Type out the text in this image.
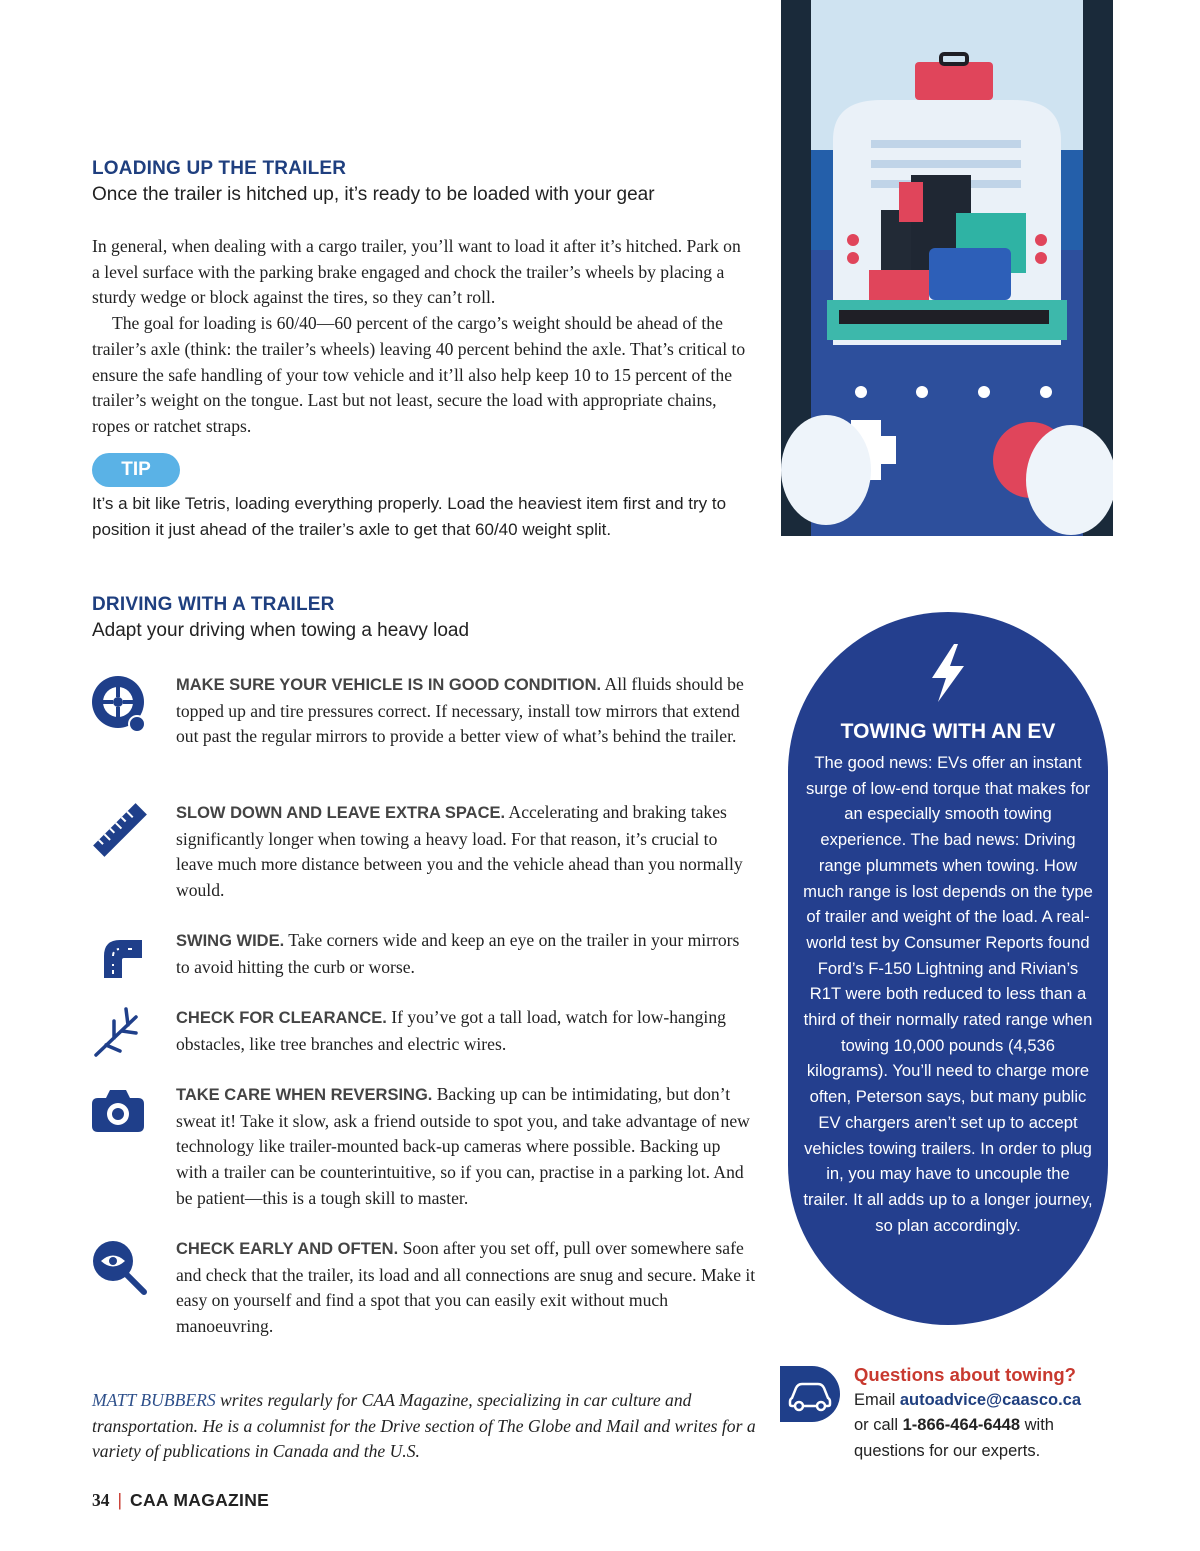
LOADING UP THE TRAILER
Once the trailer is hitched up, it’s ready to be loaded with your gear

In general, when dealing with a cargo trailer, you’ll want to load it after it’s hitched. Park on a level surface with the parking brake engaged and chock the trailer’s wheels by placing a sturdy wedge or block against the tires, so they can’t roll.

The goal for loading is 60/40—60 percent of the cargo’s weight should be ahead of the trailer’s axle (think: the trailer’s wheels) leaving 40 percent behind the axle. That’s critical to ensure the safe handling of your tow vehicle and it’ll also help keep 10 to 15 percent of the trailer’s weight on the tongue. Last but not least, secure the load with appropriate chains, ropes or ratchet straps.

TIP
It’s a bit like Tetris, loading everything properly. Load the heaviest item first and try to position it just ahead of the trailer’s axle to get that 60/40 weight split.
DRIVING WITH A TRAILER
Adapt your driving when towing a heavy load
MAKE SURE YOUR VEHICLE IS IN GOOD CONDITION. All fluids should be topped up and tire pressures correct. If necessary, install tow mirrors that extend out past the regular mirrors to provide a better view of what’s behind the trailer.
SLOW DOWN AND LEAVE EXTRA SPACE. Accelerating and braking takes significantly longer when towing a heavy load. For that reason, it’s crucial to leave much more distance between you and the vehicle ahead than you normally would.
SWING WIDE. Take corners wide and keep an eye on the trailer in your mirrors to avoid hitting the curb or worse.
CHECK FOR CLEARANCE. If you’ve got a tall load, watch for low-hanging obstacles, like tree branches and electric wires.
TAKE CARE WHEN REVERSING. Backing up can be intimidating, but don’t sweat it! Take it slow, ask a friend outside to spot you, and take advantage of new technology like trailer-mounted back-up cameras where possible. Backing up with a trailer can be counterintuitive, so if you can, practise in a parking lot. And be patient—this is a tough skill to master.
CHECK EARLY AND OFTEN. Soon after you set off, pull over somewhere safe and check that the trailer, its load and all connections are snug and secure. Make it easy on yourself and find a spot that you can easily exit without much manoeuvring.
TOWING WITH AN EV
The good news: EVs offer an instant surge of low-end torque that makes for an especially smooth towing experience. The bad news: Driving range plummets when towing. How much range is lost depends on the type of trailer and weight of the load. A real-world test by Consumer Reports found Ford’s F-150 Lightning and Rivian’s R1T were both reduced to less than a third of their normally rated range when towing 10,000 pounds (4,536 kilograms). You’ll need to charge more often, Peterson says, but many public EV chargers aren’t set up to accept vehicles towing trailers. In order to plug in, you may have to uncouple the trailer. It all adds up to a longer journey, so plan accordingly.
Questions about towing?
Email autoadvice@caasco.ca
or call 1-866-464-6448 with
questions for our experts.
MATT BUBBERS writes regularly for CAA Magazine, specializing in car culture and transportation. He is a columnist for the Drive section of The Globe and Mail and writes for a variety of publications in Canada and the U.S.
34 | CAA MAGAZINE
